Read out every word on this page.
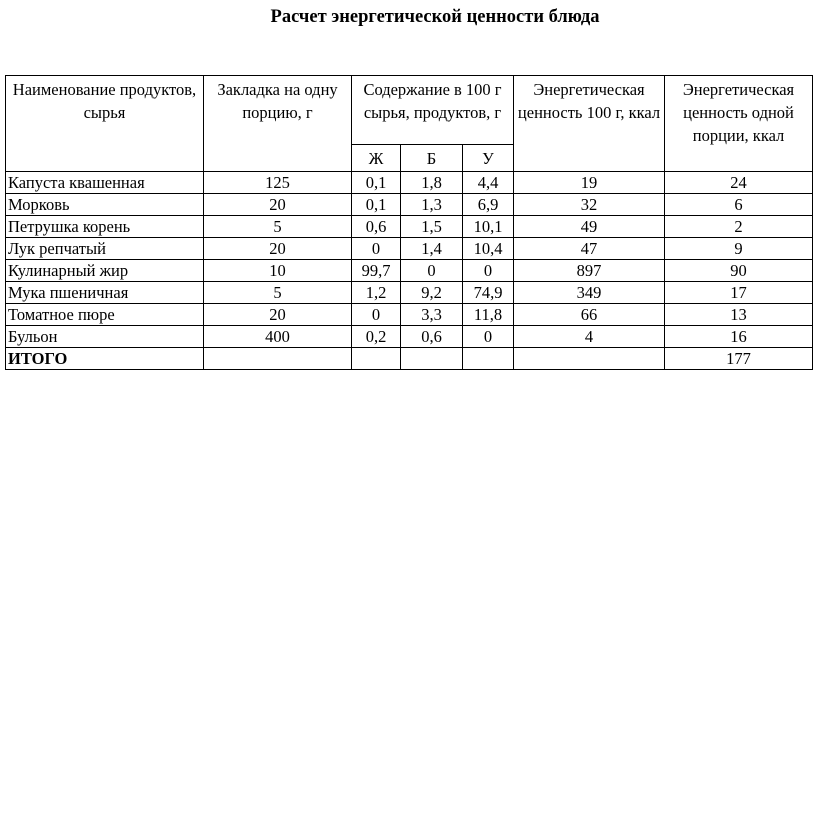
Расчет энергетической ценности блюда
Наименование продуктов, сырья	Закладка на одну порцию, г	Содержание в 100 г сырья, продуктов, г			Энергетическая ценность 100 г, ккал	Энергетическая ценность одной порции, ккал
		Ж	Б	У		
Капуста квашенная	125	0,1	1,8	4,4	19	24
Морковь	20	0,1	1,3	6,9	32	6
Петрушка корень	5	0,6	1,5	10,1	49	2
Лук репчатый	20	0	1,4	10,4	47	9
Кулинарный жир	10	99,7	0	0	897	90
Мука пшеничная	5	1,2	9,2	74,9	349	17
Томатное пюре	20	0	3,3	11,8	66	13
Бульон	400	0,2	0,6	0	4	16
ИТОГО						177
